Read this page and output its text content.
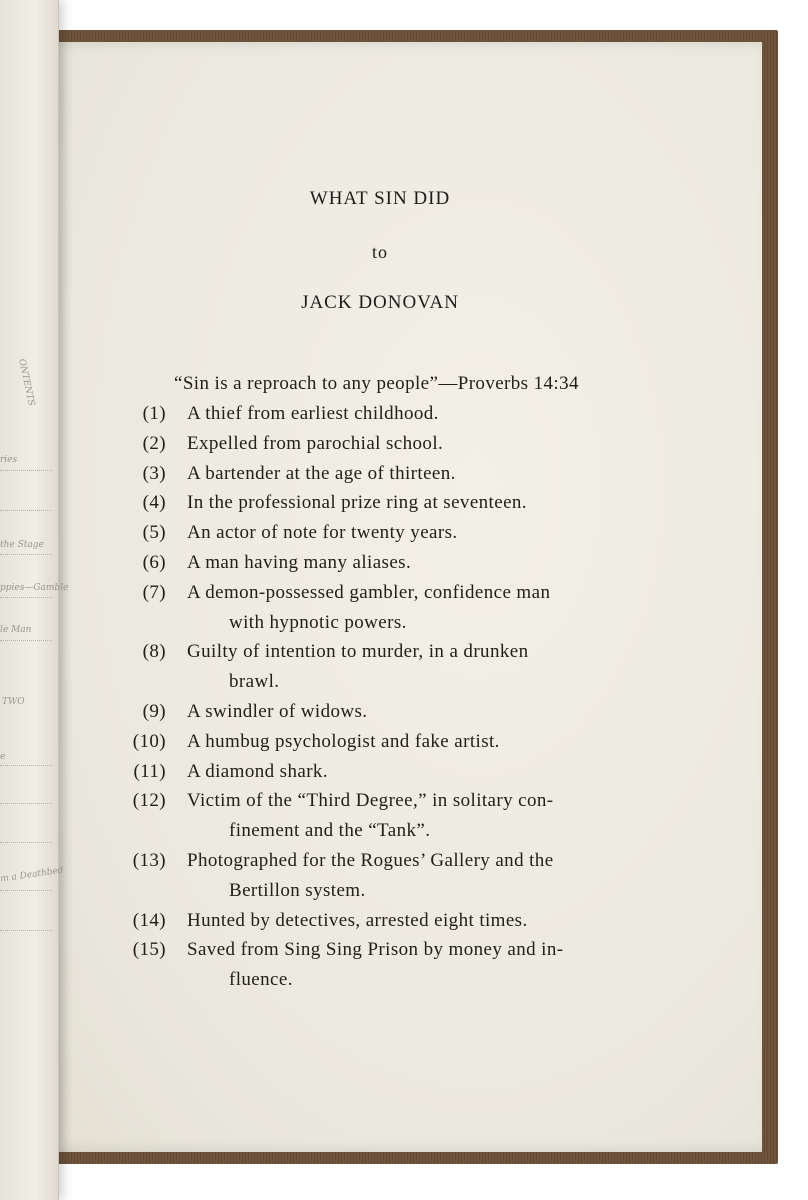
ONTENTS
ries
the Stage
ppies—Gamble
le Man
TWO
e
m a Deathbed
WHAT SIN DID
to
JACK DONOVAN
“Sin is a reproach to any people”—Proverbs 14:34
(1) A thief from earliest childhood.
(2) Expelled from parochial school.
(3) A bartender at the age of thirteen.
(4) In the professional prize ring at seventeen.
(5) An actor of note for twenty years.
(6) A man having many aliases.
(7) A demon-possessed gambler, confidence man
with hypnotic powers.
(8) Guilty of intention to murder, in a drunken
brawl.
(9) A swindler of widows.
(10) A humbug psychologist and fake artist.
(11) A diamond shark.
(12) Victim of the “Third Degree,” in solitary con-
finement and the “Tank”.
(13) Photographed for the Rogues’ Gallery and the
Bertillon system.
(14) Hunted by detectives, arrested eight times.
(15) Saved from Sing Sing Prison by money and in-
fluence.
